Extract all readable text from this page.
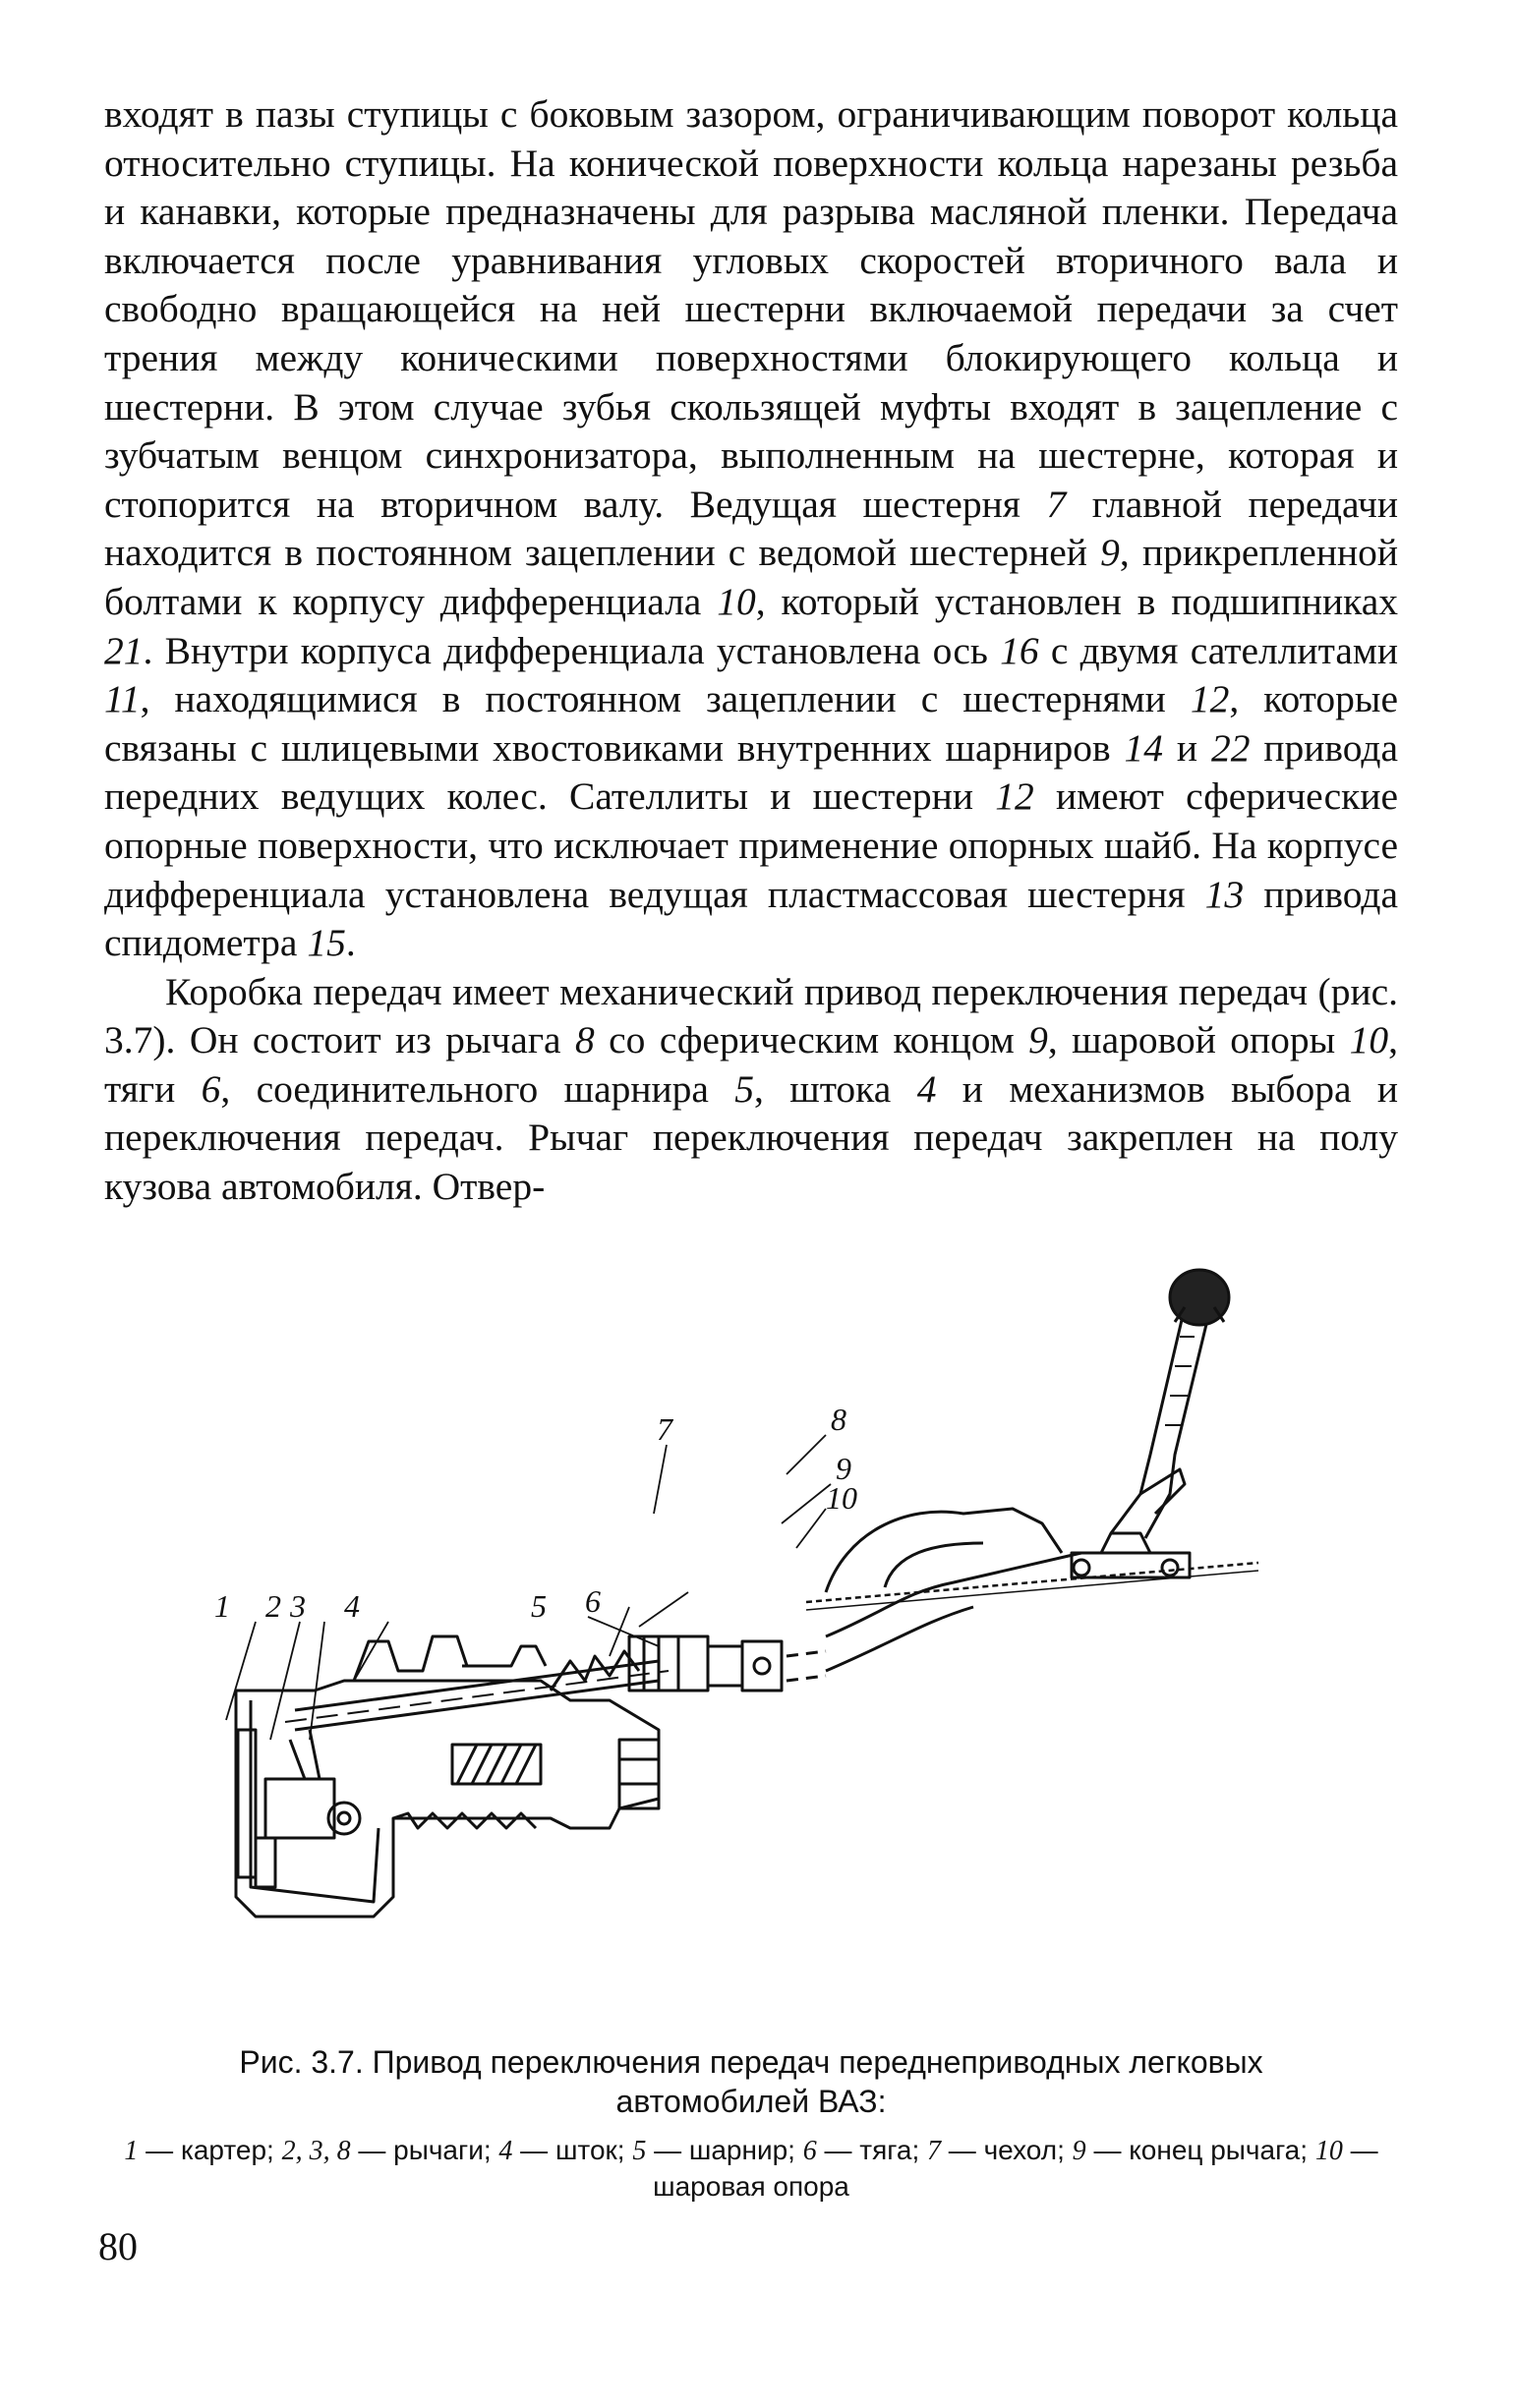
входят в пазы ступицы с боковым зазором, ограничивающим поворот кольца относительно ступицы. На конической поверхности кольца нарезаны резьба и канавки, которые предназначены для разрыва масляной пленки. Передача включается после уравнивания угловых скоростей вторичного вала и свободно вращающейся на ней шестерни включаемой передачи за счет трения между коническими поверхностями блокирующего кольца и шестерни. В этом случае зубья скользящей муфты входят в зацепление с зубчатым венцом синхронизатора, выполненным на шестерне, которая и стопорится на вторичном валу. Ведущая шестерня 7 главной передачи находится в постоянном зацеплении с ведомой шестерней 9, прикрепленной болтами к корпусу дифференциала 10, который установлен в подшипниках 21. Внутри корпуса дифференциала установлена ось 16 с двумя сателлитами 11, находящимися в постоянном зацеплении с шестернями 12, которые связаны с шлицевыми хвостовиками внутренних шарниров 14 и 22 привода передних ведущих колес. Сателлиты и шестерни 12 имеют сферические опорные поверхности, что исключает применение опорных шайб. На корпусе дифференциала установлена ведущая пластмассовая шестерня 13 привода спидометра 15.

Коробка передач имеет механический привод переключения передач (рис. 3.7). Он состоит из рычага 8 со сферическим концом 9, шаровой опоры 10, тяги 6, соединительного шарнира 5, штока 4 и механизмов выбора и переключения передач. Рычаг переключения передач закреплен на полу кузова автомобиля. Отвер-

1 2 3 4	5 6
7	8
9
10

Рис. 3.7. Привод переключения передач переднеприводных легковых
автомобилей ВАЗ:

1 — картер; 2, 3, 8 — рычаги; 4 — шток; 5 — шарнир; 6 — тяга; 7 — чехол; 9 — конец рычага; 10 — шаровая опора

80
